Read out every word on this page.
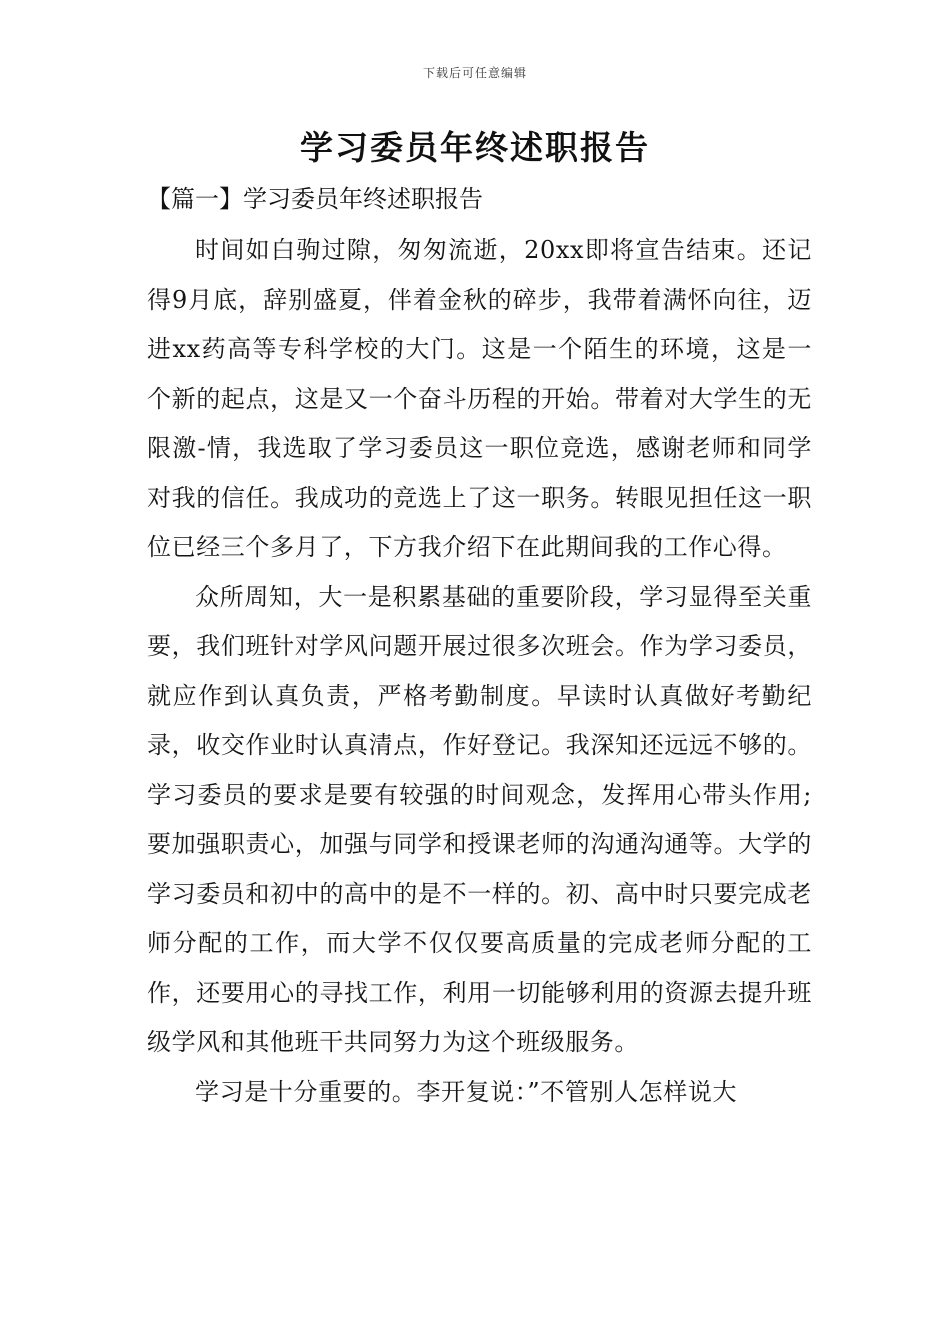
下载后可任意编辑
学习委员年终述职报告
【篇一】学习委员年终述职报告

时间如白驹过隙，匆匆流逝，20xx即将宣告结束。还记得9月底，辞别盛夏，伴着金秋的碎步，我带着满怀向往，迈进xx药高等专科学校的大门。这是一个陌生的环境，这是一个新的起点，这是又一个奋斗历程的开始。带着对大学生的无限激-情，我选取了学习委员这一职位竞选，感谢老师和同学对我的信任。我成功的竞选上了这一职务。转眼见担任这一职位已经三个多月了，下方我介绍下在此期间我的工作心得。

众所周知，大一是积累基础的重要阶段，学习显得至关重要，我们班针对学风问题开展过很多次班会。作为学习委员，就应作到认真负责，严格考勤制度。早读时认真做好考勤纪录，收交作业时认真清点，作好登记。我深知还远远不够的。学习委员的要求是要有较强的时间观念，发挥用心带头作用;要加强职责心，加强与同学和授课老师的沟通沟通等。大学的学习委员和初中的高中的是不一样的。初、高中时只要完成老师分配的工作，而大学不仅仅要高质量的完成老师分配的工作，还要用心的寻找工作，利用一切能够利用的资源去提升班级学风和其他班干共同努力为这个班级服务。

学习是十分重要的。李开复说：”不管别人怎样说大
